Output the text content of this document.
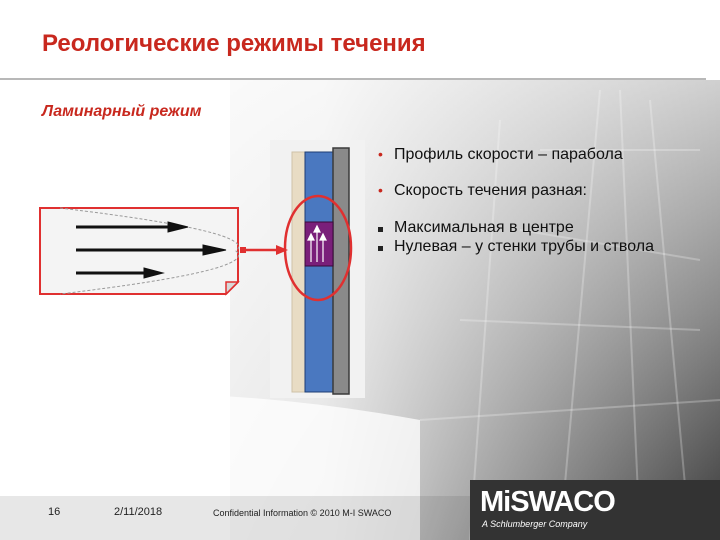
Реологические режимы течения
Ламинарный режим
• Профиль скорости – парабола
• Скорость течения разная:
Максимальная в центре
Нулевая – у стенки трубы и ствола
16	2/11/2018	Confidential Information © 2010 M-I SWACO	MiSWACO
A Schlumberger Company
